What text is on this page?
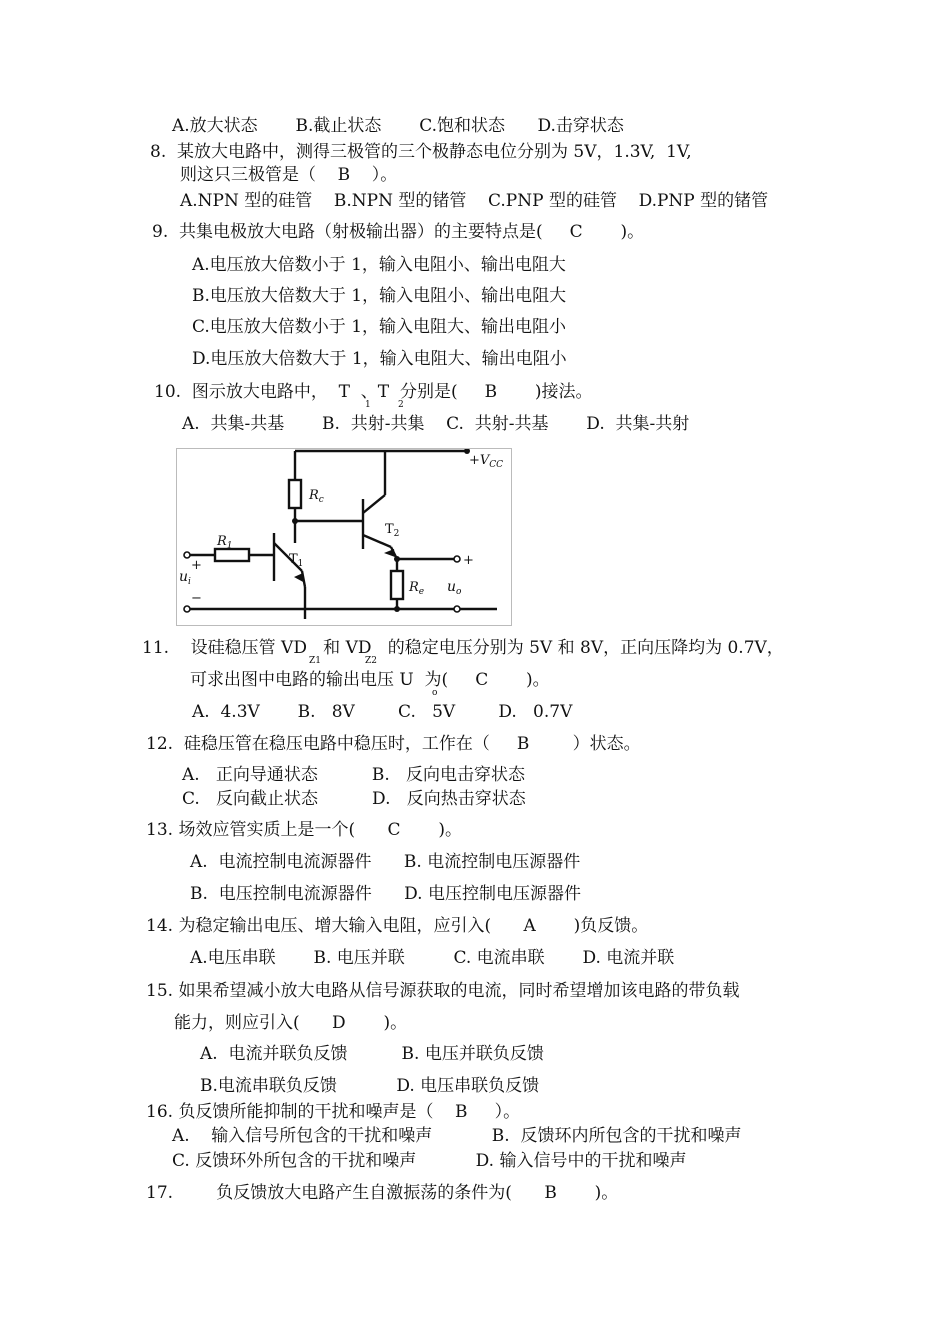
A.放大状态       B.截止状态       C.饱和状态      D.击穿状态
8.  某放大电路中，测得三极管的三个极静态电位分别为 5V，1.3V,  1V,
则这只三极管是（    B    ）。
A.NPN 型的硅管    B.NPN 型的锗管    C.PNP 型的硅管    D.PNP 型的锗管
9.  共集电极放大电路（射极输出器）的主要特点是(     C       )。
A.电压放大倍数小于 1，输入电阻小、输出电阻大
B.电压放大倍数大于 1，输入电阻小、输出电阻大
C.电压放大倍数小于 1，输入电阻大、输出电阻小
D.电压放大倍数大于 1，输入电阻大、输出电阻小
10.  图示放大电路中，  T  、T  分别是(     B       )接法。
1	2
A.  共集-共基       B.  共射-共集    C.  共射-共基       D.  共集-共射
$+V_{CC}$
$R_c$
$R_1$
$R_e$
$T_1$
$T_2$
$u_i$	$u_o$
+
−
+
−
11.    设硅稳压管 VD   和 VD   的稳定电压分别为 5V 和 8V，正向压降均为 0.7V，
Z1	Z2
可求出图中电路的输出电压 U  为(     C       )。
o
A.  4.3V       B.   8V        C.   5V        D.   0.7V
12.  硅稳压管在稳压电路中稳压时，工作在（     B        ）状态。
A.   正向导通状态          B.   反向电击穿状态
C.   反向截止状态          D.   反向热击穿状态
13. 场效应管实质上是一个(      C       )。
A.  电流控制电流源器件      B. 电流控制电压源器件
B.  电压控制电流源器件      D. 电压控制电压源器件
14. 为稳定输出电压、增大输入电阻，应引入(      A       )负反馈。
A.电压串联       B. 电压并联         C. 电流串联       D. 电流并联
15. 如果希望减小放大电路从信号源获取的电流，同时希望增加该电路的带负载
能力，则应引入(      D       )。
A.  电流并联负反馈          B. 电压并联负反馈
B.电流串联负反馈           D. 电压串联负反馈
16. 负反馈所能抑制的干扰和噪声是（    B     ）。
A.    输入信号所包含的干扰和噪声           B.  反馈环内所包含的干扰和噪声
C. 反馈环外所包含的干扰和噪声           D. 输入信号中的干扰和噪声
17.        负反馈放大电路产生自激振荡的条件为(      B       )。
